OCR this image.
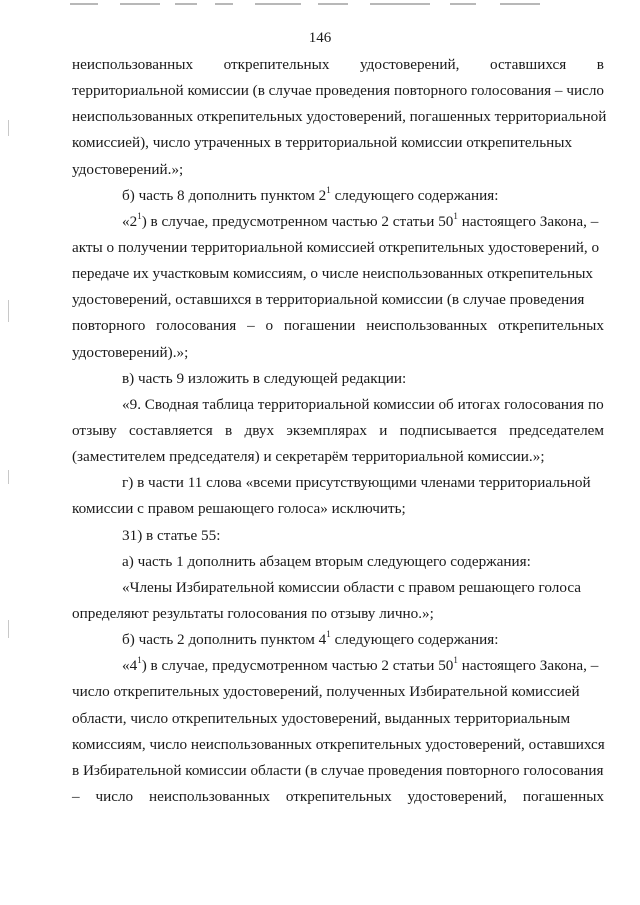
146
неиспользованных открепительных удостоверений, оставшихся в
территориальной комиссии (в случае проведения повторного голосования – число
неиспользованных открепительных удостоверений, погашенных территориальной
комиссией), число утраченных в территориальной комиссии открепительных
удостоверений.»;
б) часть 8 дополнить пунктом $2^1$ следующего содержания:
«$2^1$) в случае, предусмотренном частью 2 статьи $50^1$ настоящего Закона, –
акты о получении территориальной комиссией открепительных удостоверений, о
передаче их участковым комиссиям, о числе неиспользованных открепительных
удостоверений, оставшихся в территориальной комиссии (в случае проведения
повторного голосования – о погашении неиспользованных открепительных
удостоверений).»;
в) часть 9 изложить в следующей редакции:
«9. Сводная таблица территориальной комиссии об итогах голосования по
отзыву составляется в двух экземплярах и подписывается председателем
(заместителем председателя) и секретарём территориальной комиссии.»;
г) в части 11 слова «всеми присутствующими членами территориальной
комиссии с правом решающего голоса» исключить;
31) в статье 55:
а) часть 1 дополнить абзацем вторым следующего содержания:
«Члены Избирательной комиссии области с правом решающего голоса
определяют результаты голосования по отзыву лично.»;
б) часть 2 дополнить пунктом $4^1$ следующего содержания:
«$4^1$) в случае, предусмотренном частью 2 статьи $50^1$ настоящего Закона, –
число открепительных удостоверений, полученных Избирательной комиссией
области, число открепительных удостоверений, выданных территориальным
комиссиям, число неиспользованных открепительных удостоверений, оставшихся
в Избирательной комиссии области (в случае проведения повторного голосования
– число неиспользованных открепительных удостоверений, погашенных
